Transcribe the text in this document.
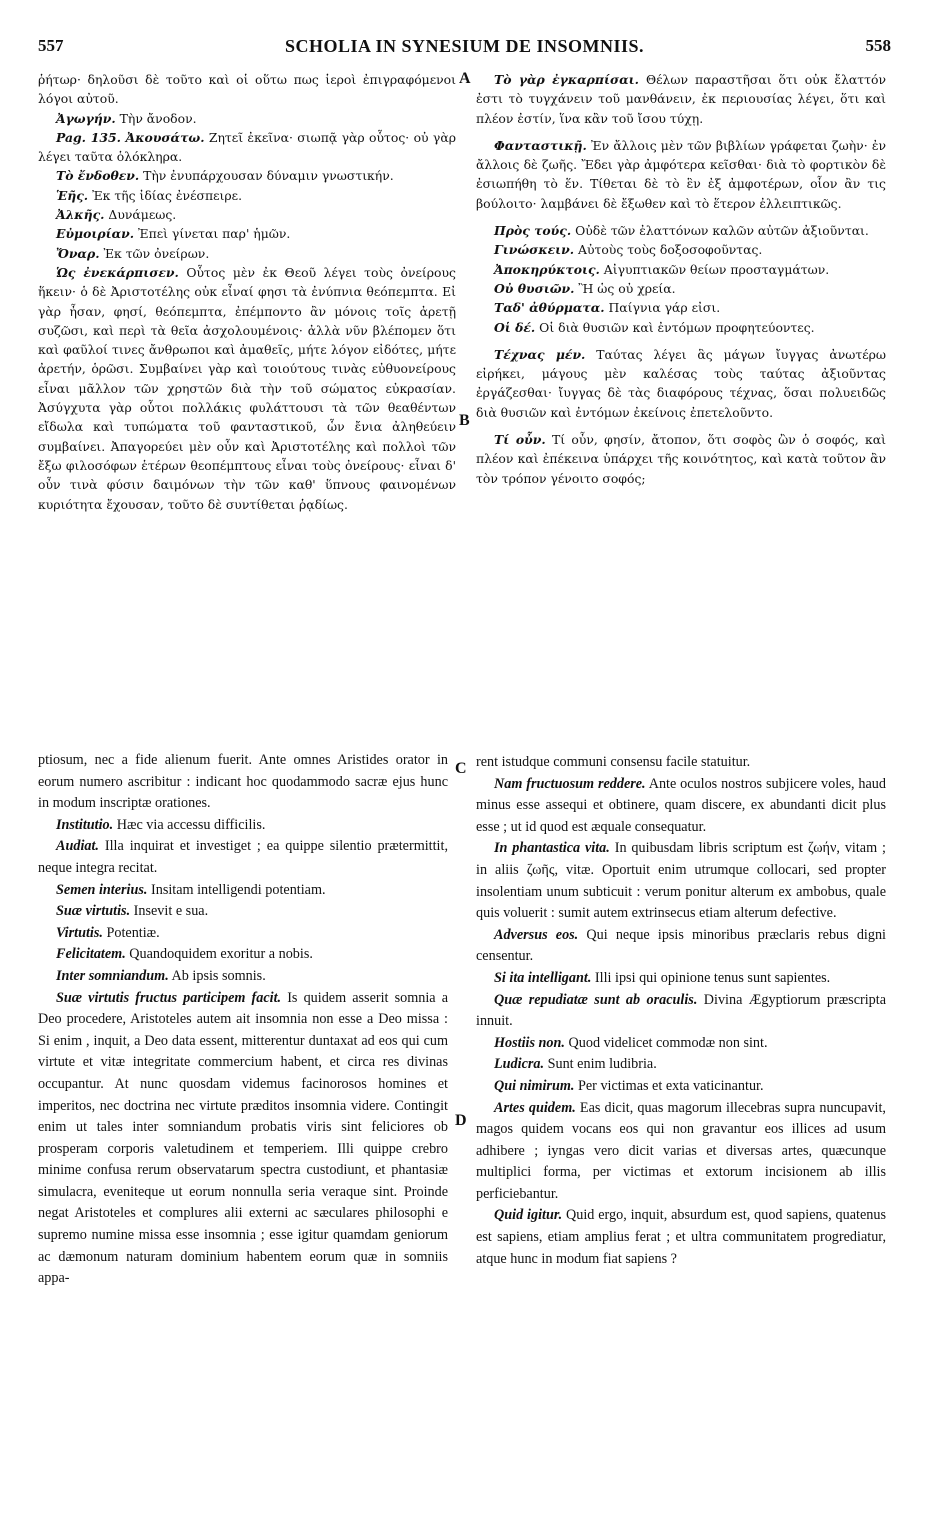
557	SCHOLIA IN SYNESIUM DE INSOMNIIS.	558

ῥήτωρ· δηλοῦσι δὲ τοῦτο καὶ οἱ οὕτω πως ἱεροὶ ἐπιγραφόμενοι λόγοι αὐτοῦ.

Ἀγωγήν. Τὴν ἄνοδον.

Pag. 135. Ἀκουσάτω. Ζητεῖ ἐκεῖνα· σιωπᾷ γὰρ οὗτος· οὐ γὰρ λέγει ταῦτα ὁλόκληρα.

Τὸ ἔνδοθεν. Τὴν ἐνυπάρχουσαν δύναμιν γνωστικήν.

Ἑῆς. Ἐκ τῆς ἰδίας ἐνέσπειρε.

Ἀλκῆς. Δυνάμεως.

Εὐμοιρίαν. Ἐπεὶ γίνεται παρ' ἡμῶν.

Ὄναρ. Ἐκ τῶν ὀνείρων.

Ὡς ἐνεκάρπισεν. Οὗτος μὲν ἐκ Θεοῦ λέγει τοὺς ὀνείρους ἥκειν· ὁ δὲ Ἀριστοτέλης οὐκ εἶναί φησι τὰ ἐνύπνια θεόπεμπτα. Εἰ γὰρ ἦσαν, φησί, θεόπεμπτα, ἐπέμποντο ἂν μόνοις τοῖς ἀρετῇ συζῶσι, καὶ περὶ τὰ θεῖα ἀσχολουμένοις· ἀλλὰ νῦν βλέπομεν ὅτι καὶ φαῦλοί τινες ἄνθρωποι καὶ ἀμαθεῖς, μήτε λόγον εἰδότες, μήτε ἀρετήν, ὁρῶσι. Συμβαίνει γὰρ καὶ τοιούτους τινὰς εὐθυονείρους εἶναι μᾶλλον τῶν χρηστῶν διὰ τὴν τοῦ σώματος εὐκρασίαν. Ἀσύγχυτα γὰρ οὗτοι πολλάκις φυλάττουσι τὰ τῶν θεαθέντων εἴδωλα καὶ τυπώματα τοῦ φανταστικοῦ, ὧν ἔνια ἀληθεύειν συμβαίνει. Ἀπαγορεύει μὲν οὖν καὶ Ἀριστοτέλης καὶ πολλοὶ τῶν ἔξω φιλοσόφων ἑτέρων θεοπέμπτους εἶναι τοὺς ὀνείρους· εἶναι δ' οὖν τινὰ φύσιν δαιμόνων τὴν τῶν καθ' ὕπνους φαινομένων κυριότητα ἔχουσαν, τοῦτο δὲ συντίθεται ῥᾳδίως.

Τὸ γὰρ ἐγκαρπίσαι. Θέλων παραστῆσαι ὅτι οὐκ ἔλαττόν ἐστι τὸ τυγχάνειν τοῦ μανθάνειν, ἐκ περιουσίας λέγει, ὅτι καὶ πλέον ἐστίν, ἵνα κἂν τοῦ ἴσου τύχῃ.

Φανταστικῇ. Ἐν ἄλλοις μὲν τῶν βιβλίων γράφεται ζωὴν· ἐν ἄλλοις δὲ ζωῆς. Ἔδει γὰρ ἀμφότερα κεῖσθαι· διὰ τὸ φορτικὸν δὲ ἐσιωπήθη τὸ ἕν. Τίθεται δὲ τὸ ἓν ἐξ ἀμφοτέρων, οἷον ἂν τις βούλοιτο· λαμβάνει δὲ ἔξωθεν καὶ τὸ ἕτερον ἐλλειπτικῶς.

Πρὸς τούς. Οὐδὲ τῶν ἐλαττόνων καλῶν αὐτῶν ἀξιοῦνται.

Γινώσκειν. Αὐτοὺς τοὺς δοξοσοφοῦντας.

Ἀποκηρύκτοις. Αἰγυπτιακῶν θείων προσταγμάτων.

Οὐ θυσιῶν. Ἢ ὡς οὐ χρεία.

Ταδ' ἀθύρματα. Παίγνια γάρ εἰσι.

Οἱ δέ. Οἱ διὰ θυσιῶν καὶ ἐντόμων προφητεύοντες.

Τέχνας μέν. Ταύτας λέγει ἃς μάγων ἴυγγας ἀνωτέρω εἰρήκει, μάγους μὲν καλέσας τοὺς ταύτας ἀξιοῦντας ἐργάζεσθαι· ἴυγγας δὲ τὰς διαφόρους τέχνας, ὅσαι πολυειδῶς διὰ θυσιῶν καὶ ἐντόμων ἐκείνοις ἐπετελοῦντο.

Τί οὖν. Τί οὖν, φησίν, ἄτοπον, ὅτι σοφὸς ὢν ὁ σοφός, καὶ πλέον καὶ ἐπέκεινα ὑπάρχει τῆς κοινότητος, καὶ κατὰ τοῦτον ἂν τὸν τρόπον γένοιτο σοφός;

ptiosum, nec a fide alienum fuerit. Ante omnes Aristides orator in eorum numero ascribitur : indicant hoc quodammodo sacræ ejus hunc in modum inscriptæ orationes.

Institutio. Hæc via accessu difficilis.

Audiat. Illa inquirat et investiget ; ea quippe silentio prætermittit, neque integra recitat.

Semen interius. Insitam intelligendi potentiam.

Suæ virtutis. Insevit e sua.

Virtutis. Potentiæ.

Felicitatem. Quandoquidem exoritur a nobis.

Inter somniandum. Ab ipsis somnis.

Suæ virtutis fructus participem facit. Is quidem asserit somnia a Deo procedere, Aristoteles autem ait insomnia non esse a Deo missa : Si enim , inquit, a Deo data essent, mitterentur duntaxat ad eos qui cum virtute et vitæ integritate commercium habent, et circa res divinas occupantur. At nunc quosdam videmus facinorosos homines et imperitos, nec doctrina nec virtute præditos insomnia videre. Contingit enim ut tales inter somniandum probatis viris sint feliciores ob prosperam corporis valetudinem et temperiem. Illi quippe crebro minime confusa rerum observatarum spectra custodiunt, et phantasiæ simulacra, eveniteque ut eorum nonnulla seria veraque sint. Proinde negat Aristoteles et complures alii externi ac sæculares philosophi e supremo numine missa esse insomnia ; esse igitur quamdam geniorum ac dæmonum naturam dominium habentem eorum quæ in somniis appa-

rent istudque communi consensu facile statuitur.

Nam fructuosum reddere. Ante oculos nostros subjicere voles, haud minus esse assequi et obtinere, quam discere, ex abundanti dicit plus esse ; ut id quod est æquale consequatur.

In phantastica vita. In quibusdam libris scriptum est ζωήν, vitam ; in aliis ζωῆς, vitæ. Oportuit enim utrumque collocari, sed propter insolentiam unum subticuit : verum ponitur alterum ex ambobus, quale quis voluerit : sumit autem extrinsecus etiam alterum defective.

Adversus eos. Qui neque ipsis minoribus præclaris rebus digni censentur.

Si ita intelligant. Illi ipsi qui opinione tenus sunt sapientes.

Quæ repudiatæ sunt ab oraculis. Divina Ægyptiorum præscripta innuit.

Hostiis non. Quod videlicet commodæ non sint.

Ludicra. Sunt enim ludibria.

Qui nimirum. Per victimas et exta vaticinantur.

Artes quidem. Eas dicit, quas magorum illecebras supra nuncupavit, magos quidem vocans eos qui non gravantur eos illices ad usum adhibere ; iyngas vero dicit varias et diversas artes, quæcunque multiplici forma, per victimas et extorum incisionem ab illis perficiebantur.

Quid igitur. Quid ergo, inquit, absurdum est, quod sapiens, quatenus est sapiens, etiam amplius ferat ; et ultra communitatem progrediatur, atque hunc in modum fiat sapiens ?

A
B
C
D
